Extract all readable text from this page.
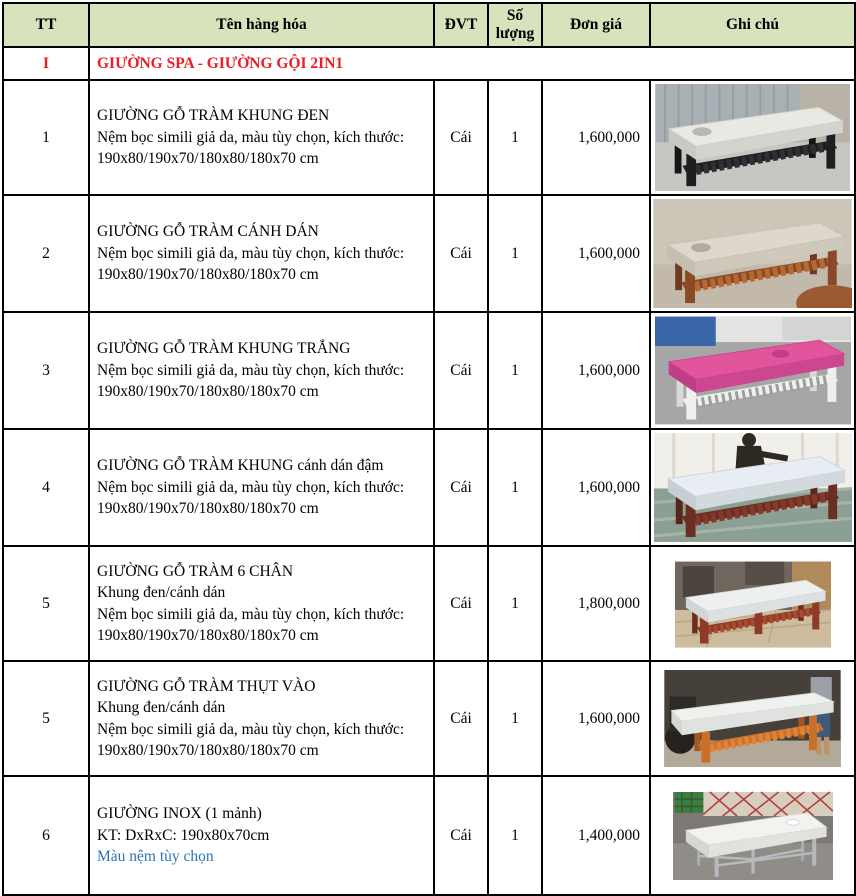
TT	Tên hàng hóa	ĐVT	Số lượng	Đơn giá	Ghi chú
I	GIƯỜNG SPA - GIƯỜNG GỘI 2IN1				
1	GIƯỜNG GỖ TRÀM KHUNG ĐEN
Nệm bọc simili giả da, màu tùy chọn, kích thước:
190x80/190x70/180x80/180x70 cm	Cái	1	1,600,000	

2	GIƯỜNG GỖ TRÀM CÁNH DÁN
Nệm bọc simili giả da, màu tùy chọn, kích thước:
190x80/190x70/180x80/180x70 cm	Cái	1	1,600,000	

3	GIƯỜNG GỖ TRÀM KHUNG TRẮNG
Nệm bọc simili giả da, màu tùy chọn, kích thước:
190x80/190x70/180x80/180x70 cm	Cái	1	1,600,000	

4	GIƯỜNG GỖ TRÀM KHUNG cánh dán đậm
Nệm bọc simili giả da, màu tùy chọn, kích thước:
190x80/190x70/180x80/180x70 cm	Cái	1	1,600,000	

5	GIƯỜNG GỖ TRÀM 6 CHÂN
Khung đen/cánh dán
Nệm bọc simili giả da, màu tùy chọn, kích thước:
190x80/190x70/180x80/180x70 cm	Cái	1	1,800,000	

5	GIƯỜNG GỖ TRÀM THỤT VÀO
Khung đen/cánh dán
Nệm bọc simili giả da, màu tùy chọn, kích thước:
190x80/190x70/180x80/180x70 cm	Cái	1	1,600,000	

6	GIƯỜNG INOX (1 mảnh)
KT: DxRxC: 190x80x70cm
Màu nệm tùy chọn	Cái	1	1,400,000	
